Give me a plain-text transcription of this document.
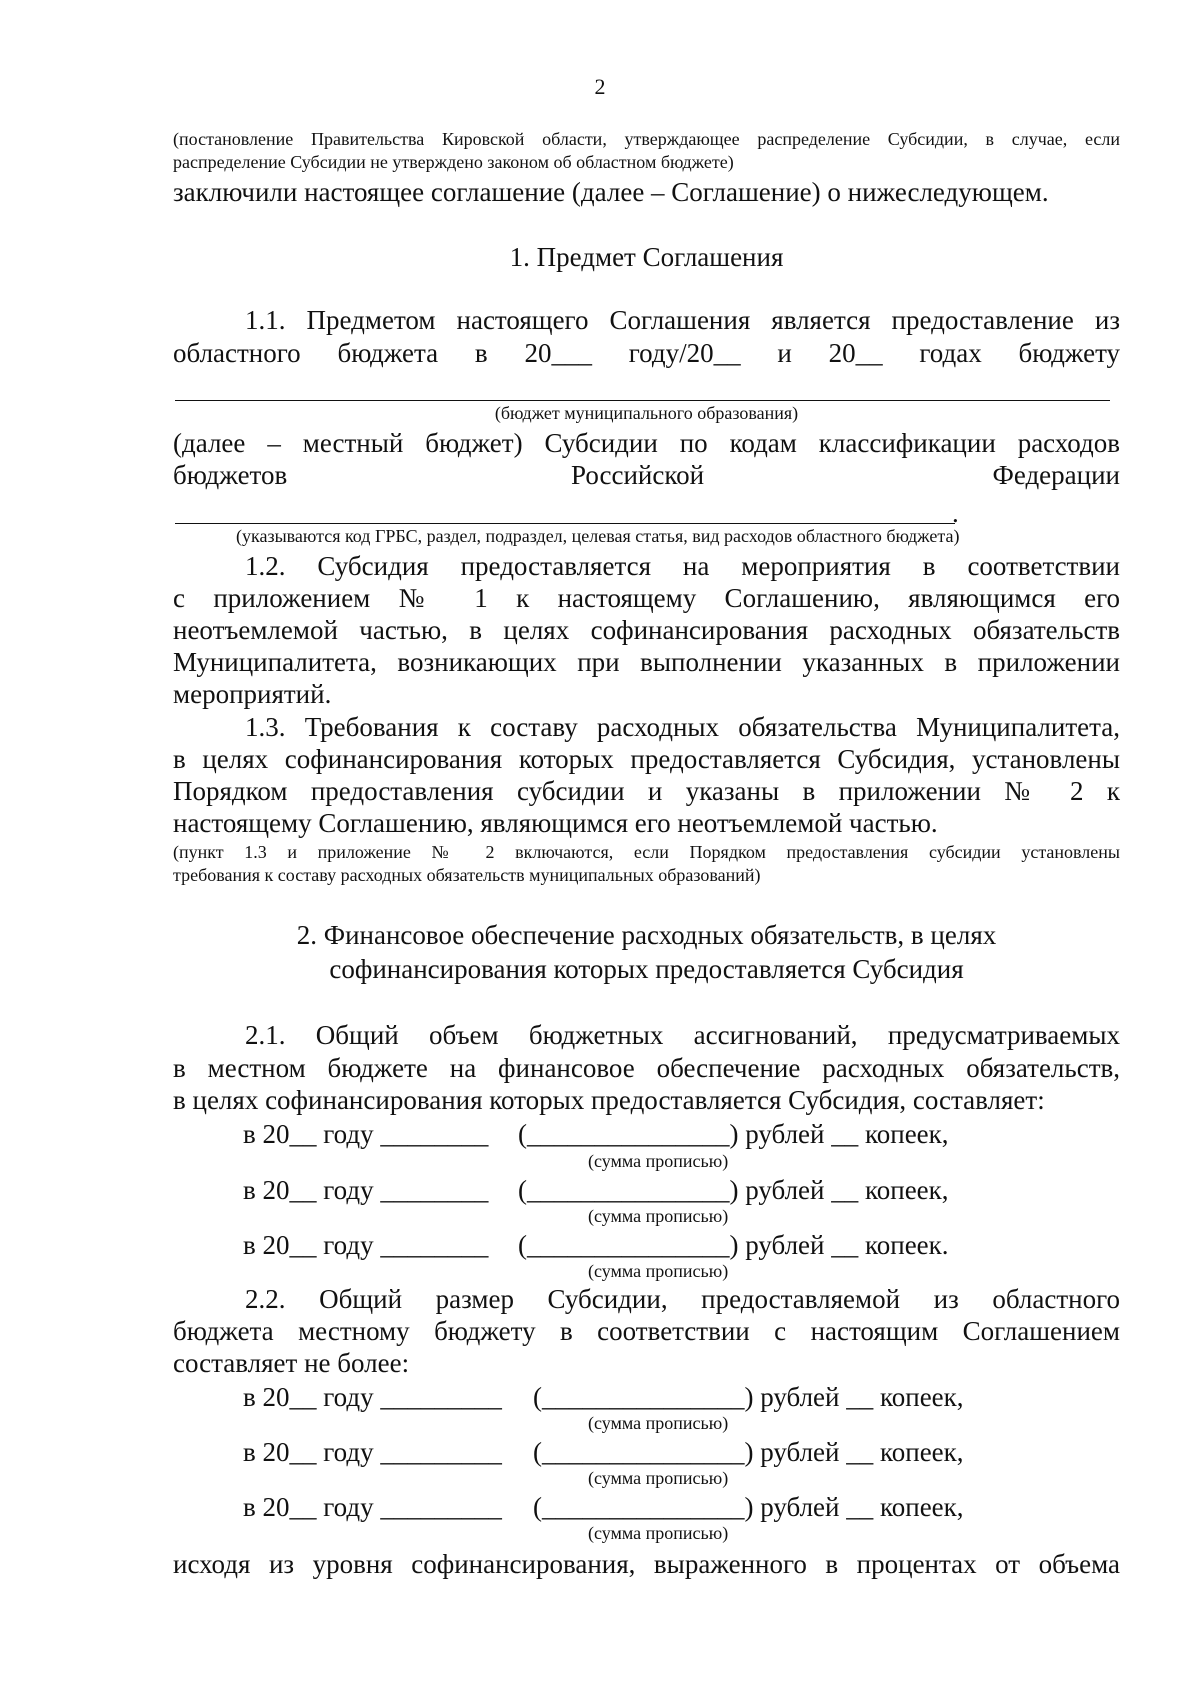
2
(постановление Правительства Кировской области, утверждающее распределение Субсидии, в случае, если
распределение Субсидии не утверждено законом об областном бюджете)
заключили настоящее соглашение (далее – Соглашение) о нижеследующем.
1. Предмет Соглашения
1.1. Предметом настоящего Соглашения является предоставление из
областного бюджета в 20___ году/20__ и 20__ годах бюджету
(бюджет муниципального образования)
(далее – местный бюджет) Субсидии по кодам классификации расходов
бюджетов	Российской	Федерации
.
(указываются код ГРБС, раздел, подраздел, целевая статья, вид расходов областного бюджета)
1.2. Субсидия предоставляется на мероприятия в соответствии
с приложением № 1 к настоящему Соглашению, являющимся его
неотъемлемой частью, в целях софинансирования расходных обязательств
Муниципалитета, возникающих при выполнении указанных в приложении
мероприятий.
1.3. Требования к составу расходных обязательства Муниципалитета,
в целях софинансирования которых предоставляется Субсидия, установлены
Порядком предоставления субсидии и указаны в приложении № 2 к
настоящему Соглашению, являющимся его неотъемлемой частью.
(пункт 1.3 и приложение № 2 включаются, если Порядком предоставления субсидии установлены
требования к составу расходных обязательств муниципальных образований)
2. Финансовое обеспечение расходных обязательств, в целях
софинансирования которых предоставляется Субсидия
2.1. Общий объем бюджетных ассигнований, предусматриваемых
в местном бюджете на финансовое обеспечение расходных обязательств,
в целях софинансирования которых предоставляется Субсидия, составляет:
в 20__ году ________ (_______________) рублей __ копеек,
(сумма прописью)
в 20__ году ________ (_______________) рублей __ копеек,
(сумма прописью)
в 20__ году ________ (_______________) рублей __ копеек.
(сумма прописью)
2.2. Общий размер Субсидии, предоставляемой из областного
бюджета местному бюджету в соответствии с настоящим Соглашением
составляет не более:
в 20__ году _________ (_______________) рублей __ копеек,
(сумма прописью)
в 20__ году _________ (_______________) рублей __ копеек,
(сумма прописью)
в 20__ году _________ (_______________) рублей __ копеек,
(сумма прописью)
исходя из уровня софинансирования, выраженного в процентах от объема
